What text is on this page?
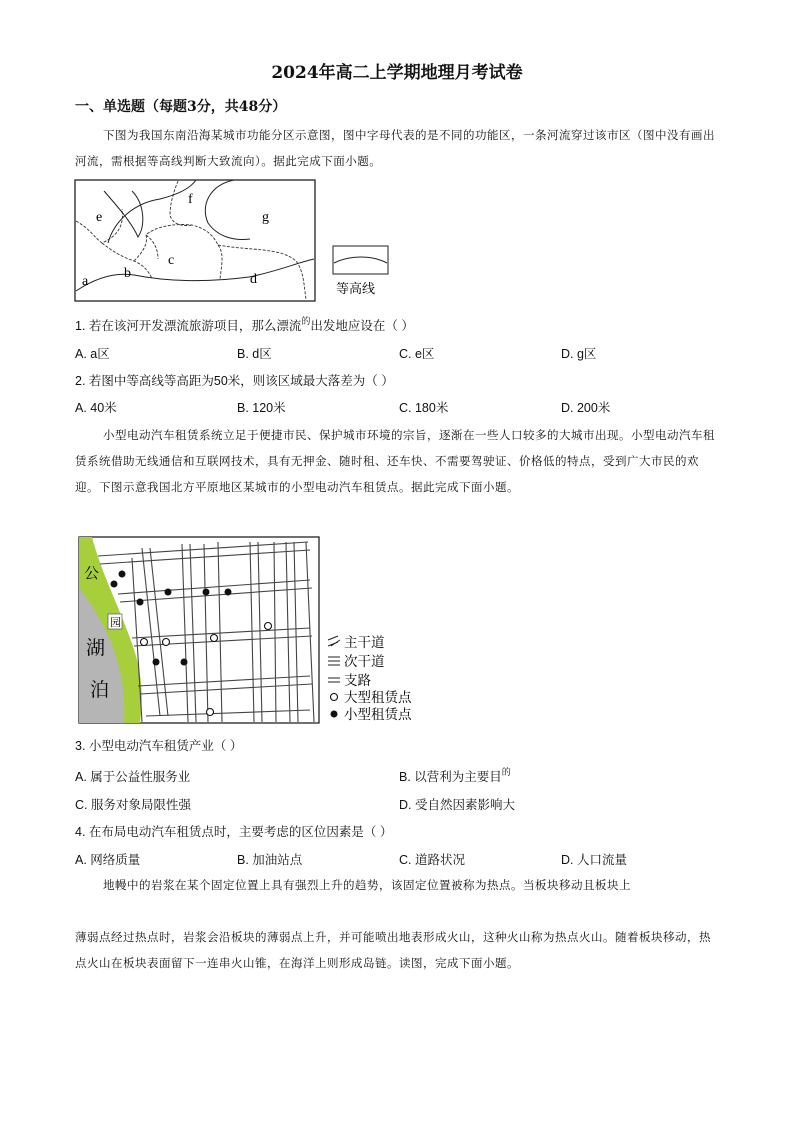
2024年高二上学期地理月考试卷
一、单选题（每题3分，共48分）
下图为我国东南沿海某城市功能分区示意图，图中字母代表的是不同的功能区，一条河流穿过该市区（图中没有画出河流，需根据等高线判断大致流向）。据此完成下面小题。
e
f
g
c
b
a	d
等高线
1. 若在该河开发漂流旅游项目，那么漂流$^的$出发地应设在（ ）
A. a区	B. d区	C. e区	D. g区
2. 若图中等高线等高距为50米，则该区域最大落差为（ ）
A. 40米	B. 120米	C. 180米	D. 200米
小型电动汽车租赁系统立足于便捷市民、保护城市环境的宗旨，逐渐在一些人口较多的大城市出现。小型电动汽车租赁系统借助无线通信和互联网技术，具有无押金、随时租、还车快、不需要驾驶证、价格低的特点，受到广大市民的欢迎。下图示意我国北方平原地区某城市的小型电动汽车租赁点。据此完成下面小题。
公
园
湖
泊
主干道
次干道
支路
大型租赁点
小型租赁点
3. 小型电动汽车租赁产业（ ）
A. 属于公益性服务业	B. 以营利为主要目$^的$
C. 服务对象局限性强	D. 受自然因素影响大
4. 在布局电动汽车租赁点时，主要考虑的区位因素是（ ）
A. 网络质量	B. 加油站点	C. 道路状况	D. 人口流量
地幔中的岩浆在某个固定位置上具有强烈上升的趋势，该固定位置被称为热点。当板块移动且板块上
薄弱点经过热点时，岩浆会沿板块的薄弱点上升，并可能喷出地表形成火山，这种火山称为热点火山。随着板块移动，热点火山在板块表面留下一连串火山锥，在海洋上则形成岛链。读图，完成下面小题。
